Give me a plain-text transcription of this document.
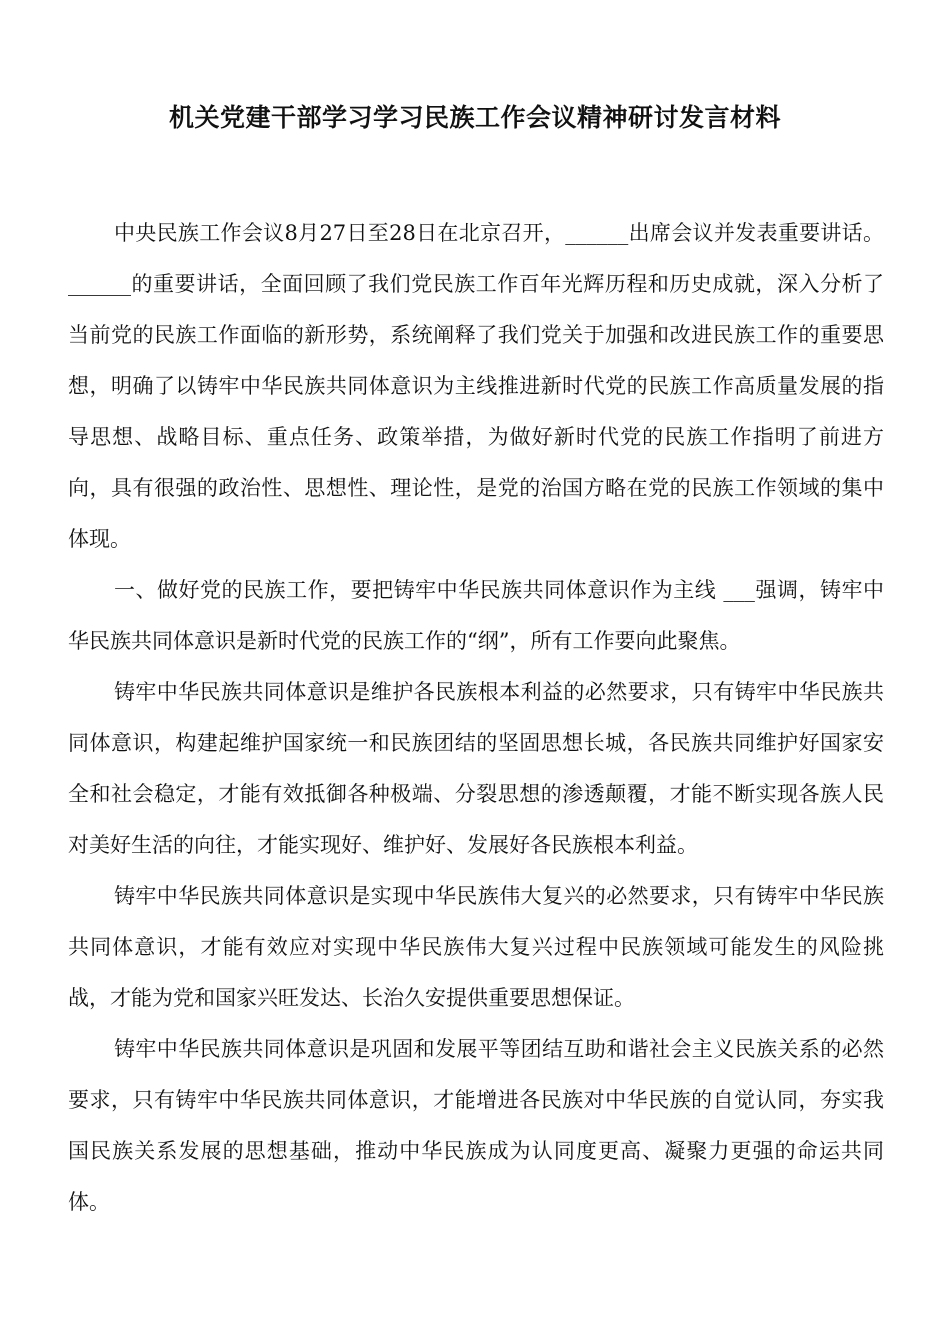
机关党建干部学习学习民族工作会议精神研讨发言材料

中央民族工作会议8月27日至28日在北京召开，______出席会议并发表重要讲话。______的重要讲话，全面回顾了我们党民族工作百年光辉历程和历史成就，深入分析了当前党的民族工作面临的新形势，系统阐释了我们党关于加强和改进民族工作的重要思想，明确了以铸牢中华民族共同体意识为主线推进新时代党的民族工作高质量发展的指导思想、战略目标、重点任务、政策举措，为做好新时代党的民族工作指明了前进方向，具有很强的政治性、思想性、理论性，是党的治国方略在党的民族工作领域的集中体现。

一、做好党的民族工作，要把铸牢中华民族共同体意识作为主线 ___强调，铸牢中华民族共同体意识是新时代党的民族工作的“纲”，所有工作要向此聚焦。

铸牢中华民族共同体意识是维护各民族根本利益的必然要求，只有铸牢中华民族共同体意识，构建起维护国家统一和民族团结的坚固思想长城，各民族共同维护好国家安全和社会稳定，才能有效抵御各种极端、分裂思想的渗透颠覆，才能不断实现各族人民对美好生活的向往，才能实现好、维护好、发展好各民族根本利益。

铸牢中华民族共同体意识是实现中华民族伟大复兴的必然要求，只有铸牢中华民族共同体意识，才能有效应对实现中华民族伟大复兴过程中民族领域可能发生的风险挑战，才能为党和国家兴旺发达、长治久安提供重要思想保证。

铸牢中华民族共同体意识是巩固和发展平等团结互助和谐社会主义民族关系的必然要求，只有铸牢中华民族共同体意识，才能增进各民族对中华民族的自觉认同，夯实我国民族关系发展的思想基础，推动中华民族成为认同度更高、凝聚力更强的命运共同体。
